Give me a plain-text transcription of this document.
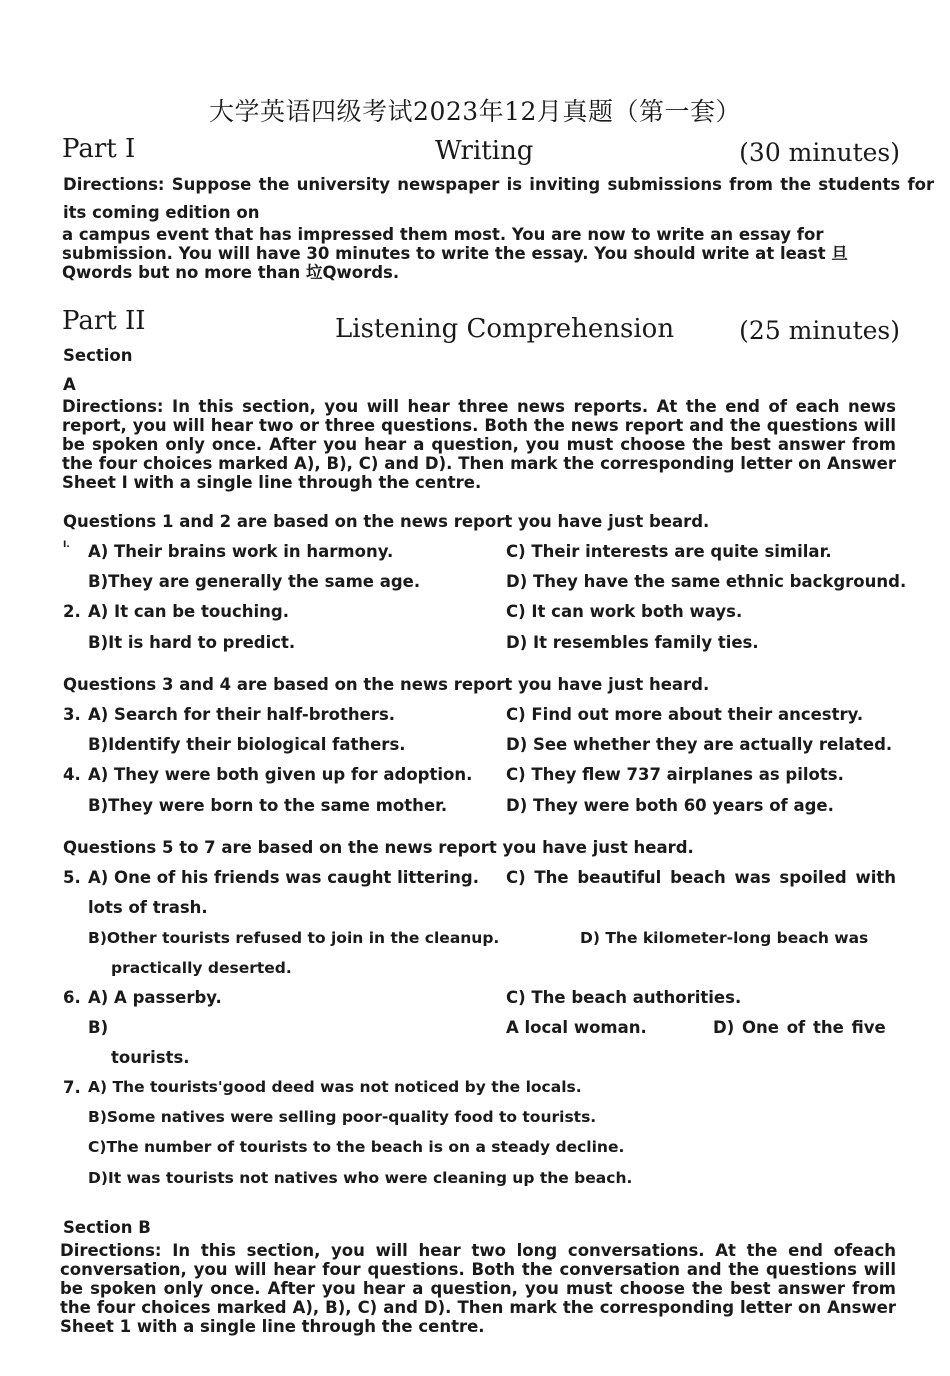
大学英语四级考试2023年12月真题（第一套）
Part I	Writing	(30 minutes)
Directions: Suppose the university newspaper is inviting submissions from the students for
its coming edition on
a campus event that has impressed them most. You are now to write an essay for submission. You will have 30 minutes to write the essay. You should write at least 旦Qwords but no more than 垃Qwords.
Part II	Listening Comprehension	(25 minutes)
Section
A
Directions: In this section, you will hear three news reports. At the end of each news report, you will hear two or three questions. Both the news report and the questions will be spoken only once. After you hear a question, you must choose the best answer from the four choices marked A), B), C) and D). Then mark the corresponding letter on Answer Sheet I with a single line through the centre.
Questions 1 and 2 are based on the news report you have just beard.
I. A) Their brains work in harmony.	C) Their interests are quite similar.
B)They are generally the same age.	D) They have the same ethnic background.
2. A) It can be touching.	C) It can work both ways.
B)It is hard to predict.	D) It resembles family ties.
Questions 3 and 4 are based on the news report you have just heard.
3. A) Search for their half-brothers.	C) Find out more about their ancestry.
B)Identify their biological fathers.	D) See whether they are actually related.
4. A) They were both given up for adoption. C) They flew 737 airplanes as pilots.
B)They were born to the same mother.	D) They were both 60 years of age.
Questions 5 to 7 are based on the news report you have just heard.
5. A) One of his friends was caught littering. C) The beautiful beach was spoiled with
lots of trash.
B)Other tourists refused to join in the cleanup.	D) The kilometer-long beach was
practically deserted.
6. A) A passerby.	C) The beach authorities.
B)	A local woman.	D) One of the five
tourists.
7. A) The tourists'good deed was not noticed by the locals.
B)Some natives were selling poor-quality food to tourists.
C)The number of tourists to the beach is on a steady decline.
D)It was tourists not natives who were cleaning up the beach.
Section B
Directions: In this section, you will hear two long conversations. At the end ofeach conversation, you will hear four questions. Both the conversation and the questions will be spoken only once. After you hear a question, you must choose the best answer from the four choices marked A), B), C) and D). Then mark the corresponding letter on Answer Sheet 1 with a single line through the centre.
